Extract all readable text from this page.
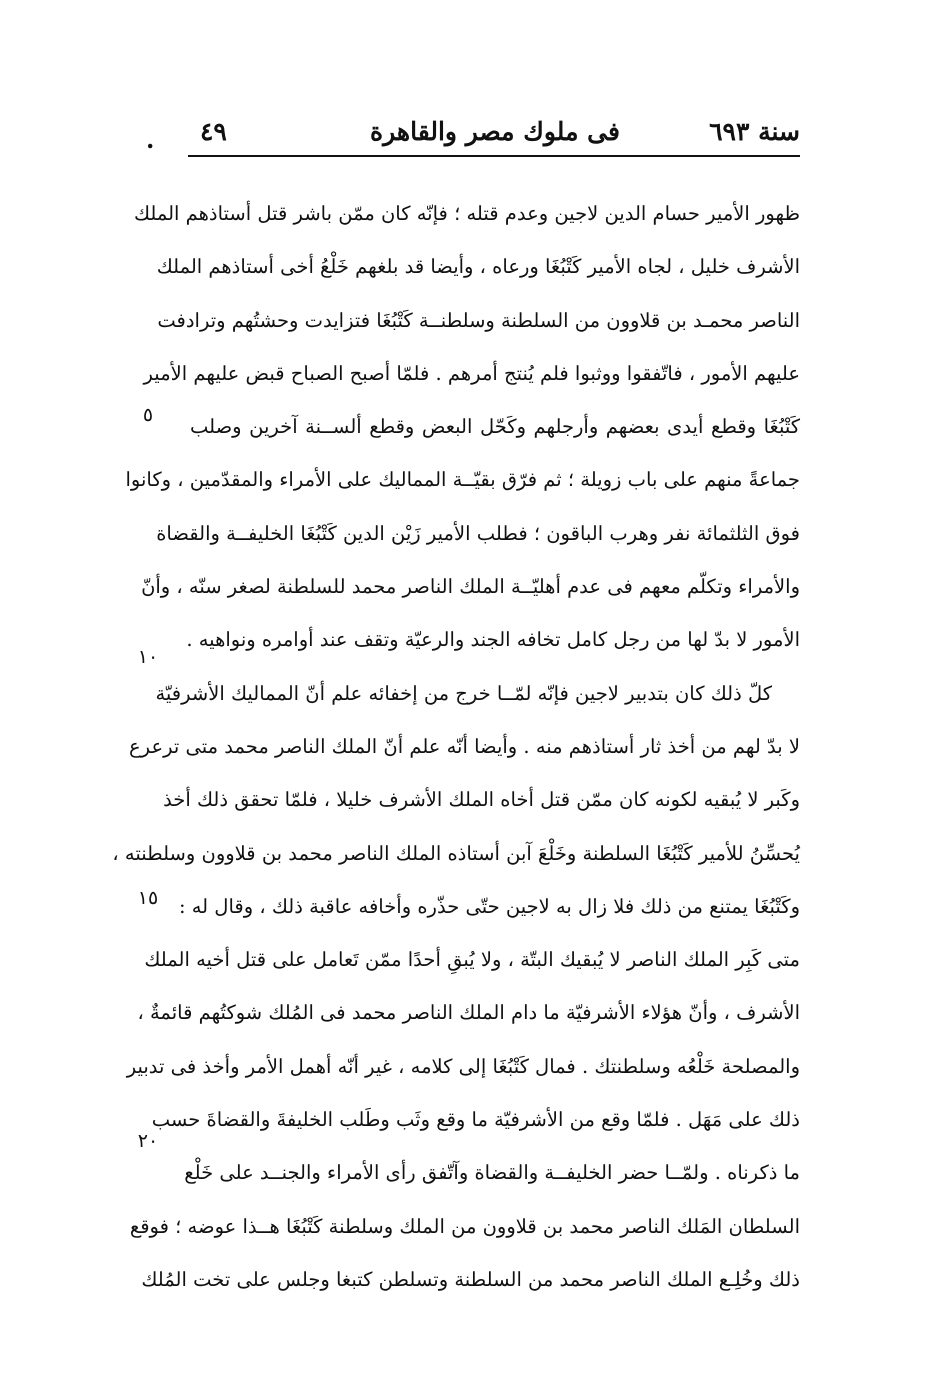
سنة ٦٩٣
فى ملوك مصر والقاهرة
٤٩
.
ظهور الأمير حسام الدين لاجين وعدم قتله ؛ فإنّه كان ممّن باشر قتل أستاذهم الملك
الأشرف خليل ، لجاه الأمير كَتْبُغَا ورعاه ، وأيضا قد بلغهم خَلْعُ أخى أستاذهم الملك
الناصر محمـد بن قلاوون من السلطنة وسلطنــة كَتْبُغَا فتزايدت وحشتُهم وترادفت
عليهم الأمور ، فاتّفقوا ووثبوا فلم يُنتج أمرهم . فلمّا أصبح الصباح قبض عليهم الأمير
كَتْبُغَا وقطع أيدى بعضهم وأرجلهم وكَحّل البعض وقطع ألســنة آخرين وصلب
جماعةً منهم على باب زويلة ؛ ثم فرّق بقيّــة المماليك على الأمراء والمقدّمين ، وكانوا
فوق الثلثمائة نفر وهرب الباقون ؛ فطلب الأمير زَيْن الدين كَتْبُغَا الخليفــة والقضاة
والأمراء وتكلّم معهم فى عدم أهليّــة الملك الناصر محمد للسلطنة لصغر سنّه ، وأنّ
الأمور لا بدّ لها من رجل كامل تخافه الجند والرعيّة وتقف عند أوامره ونواهيه .
كلّ ذلك كان بتدبير لاجين فإنّه لمّــا خرج من إخفائه علم أنّ المماليك الأشرفيّة
لا بدّ لهم من أخذ ثار أستاذهم منه . وأيضا أنّه علم أنّ الملك الناصر محمد متى ترعرع
وكَبر لا يُبقيه لكونه كان ممّن قتل أخاه الملك الأشرف خليلا ، فلمّا تحقق ذلك أخذ
يُحسِّنُ للأمير كَتْبُغَا السلطنة وخَلْعَ آبن أستاذه الملك الناصر محمد بن قلاوون وسلطنته ،
وكَتْبُغَا يمتنع من ذلك فلا زال به لاجين حتّى حذّره وأخافه عاقبة ذلك ، وقال له :
متى كَبِر الملك الناصر لا يُبقيك البتّة ، ولا يُبقِ أحدًا ممّن تَعامل على قتل أخيه الملك
الأشرف ، وأنّ هؤلاء الأشرفيّة ما دام الملك الناصر محمد فى المُلك شوكتُهم قائمةٌ ،
والمصلحة خَلْعُه وسلطنتك . فمال كَتْبُغَا إلى كلامه ، غير أنّه أهمل الأمر وأخذ فى تدبير
ذلك على مَهَل . فلمّا وقع من الأشرفيّة ما وقع وثَب وطَلب الخليفةَ والقضاةَ حسب
ما ذكرناه . ولمّــا حضر الخليفــة والقضاة وآتّفق رأى الأمراء والجنــد على خَلْع
السلطان المَلك الناصر محمد بن قلاوون من الملك وسلطنة كَتْبُغَا هــذا عوضه ؛ فوقع
ذلك وخُلِـع الملك الناصر محمد من السلطنة وتسلطن كتبغا وجلس على تخت المُلك
٥
١٠
١٥
٢٠
